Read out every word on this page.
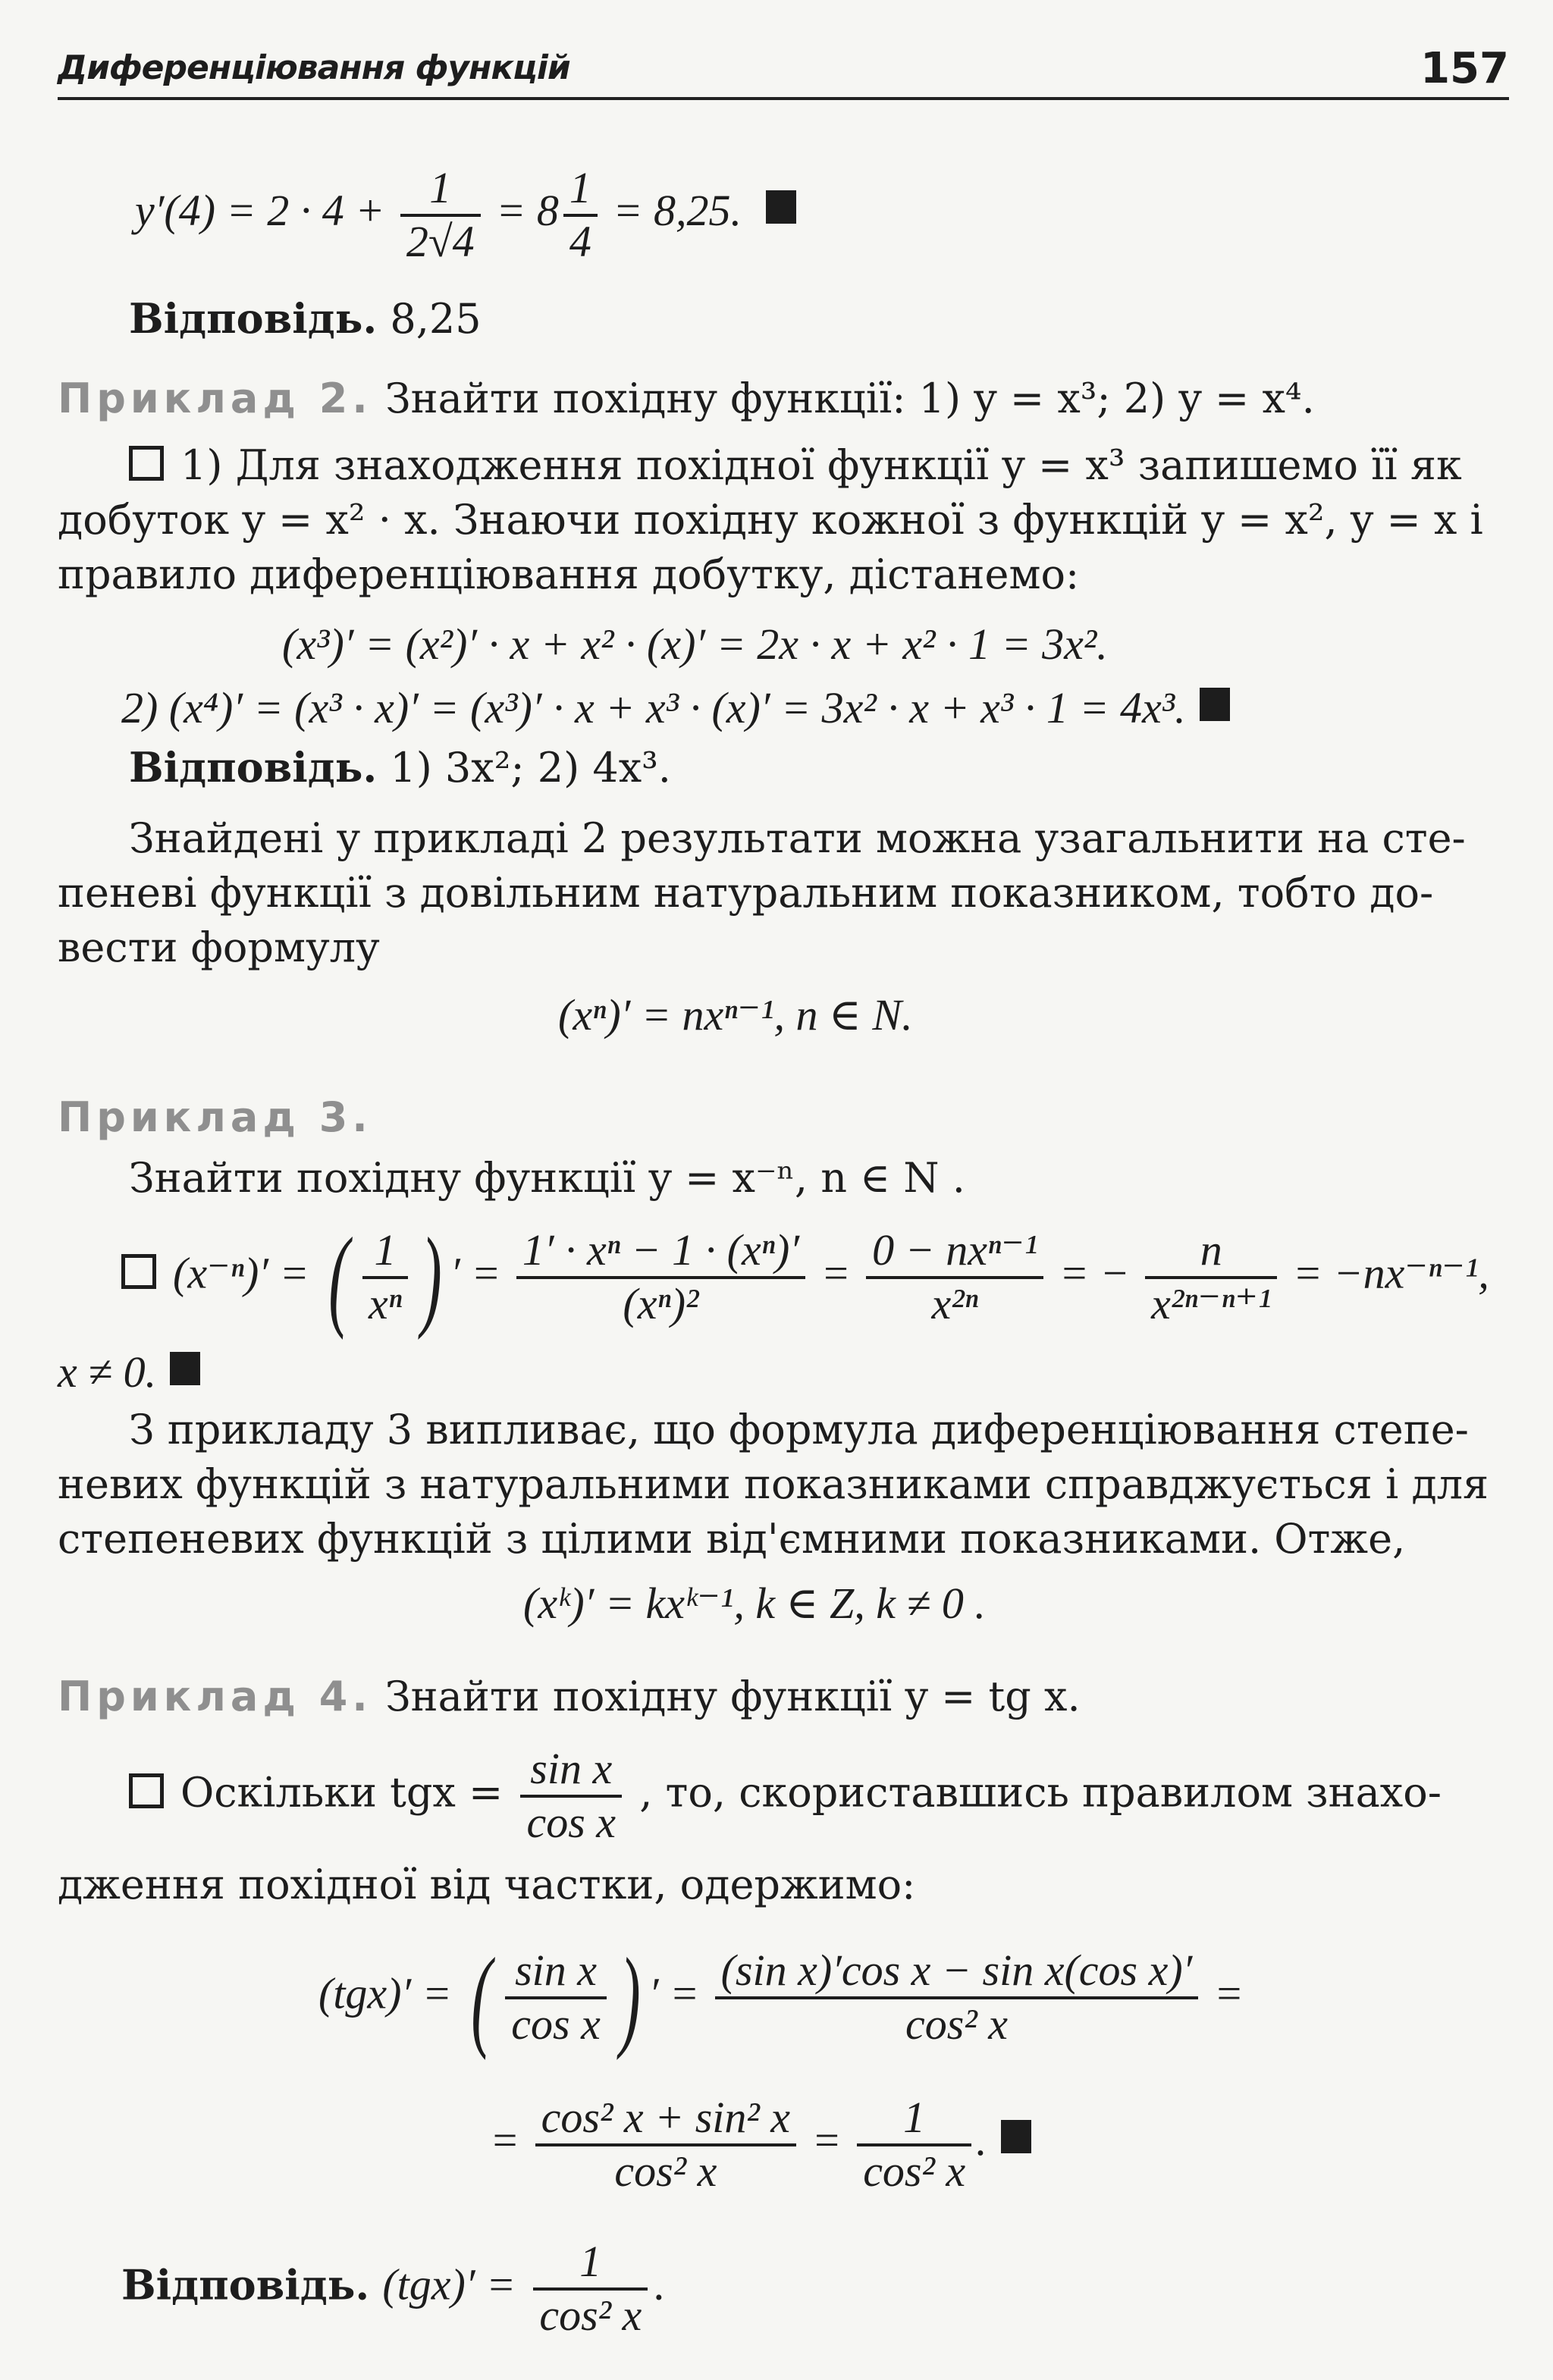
Диференціювання функцій	157
$y'(4) = 2 \cdot 4 + \frac{1}{2√4} = 8 \frac{1}{4} = 8,25$.
Відповідь. 8,25
Приклад 2. Знайти похідну функції: 1) y = x³; 2) y = x⁴.
1) Для знаходження похідної функції y = x³ запишемо її як
добуток y = x² · x. Знаючи похідну кожної з функцій y = x², y = x і
правило диференціювання добутку, дістанемо:
(x³)′ = (x²)′ · x + x² · (x)′ = 2x · x + x² · 1 = 3x².
2) (x⁴)′ = (x³ · x)′ = (x³)′ · x + x³ · (x)′ = 3x² · x + x³ · 1 = 4x³.
Відповідь. 1) 3x²; 2) 4x³.
Знайдені у прикладі 2 результати можна узагальнити на сте-
пеневі функції з довільним натуральним показником, тобто до-
вести формулу
(xⁿ)′ = nxⁿ⁻¹, n ∈ N.
Приклад 3.
Знайти похідну функції y = x⁻ⁿ, n ∈ N .
(x⁻ⁿ)′ = ( $\frac{1}{\text{xⁿ}}$ ) ′ = $\frac{\text{1′ · xⁿ − 1 · (xⁿ)′}}{\text{(xⁿ)²}} = \frac{\text{0 − nxⁿ⁻¹}}{\text{x²ⁿ}}$ = − $\frac{n}{\text{x²ⁿ⁻ⁿ⁺¹}} = -nx^{-n-1}$,
x ≠ 0.
З прикладу 3 випливає, що формула диференціювання степе-
невих функцій з натуральними показниками справджується і для
степеневих функцій з цілими від'ємними показниками. Отже,
(xᵏ)′ = kxᵏ⁻¹, k ∈ Z, k ≠ 0 .
Приклад 4. Знайти похідну функції y = tg x.
Оскільки tgx = $\frac{\text{sin x}}{\text{cos x}}$ , то, скориставшись правилом знахо-
дження похідної від частки, одержимо:
(tgx)′ = ( $\frac{\text{sin x}}{\text{cos x}}$ ) ′ = $\frac{\text{(sin x)′cos x − sin x(cos x)′}}{\text{cos² x}}$ =
= $\frac{\text{cos² x + sin² x}}{\text{cos² x}} = \frac{1}{\text{cos² x}}$ .
Відповідь. $(tgx)' = \frac{1}{\text{cos² x}}$ .
